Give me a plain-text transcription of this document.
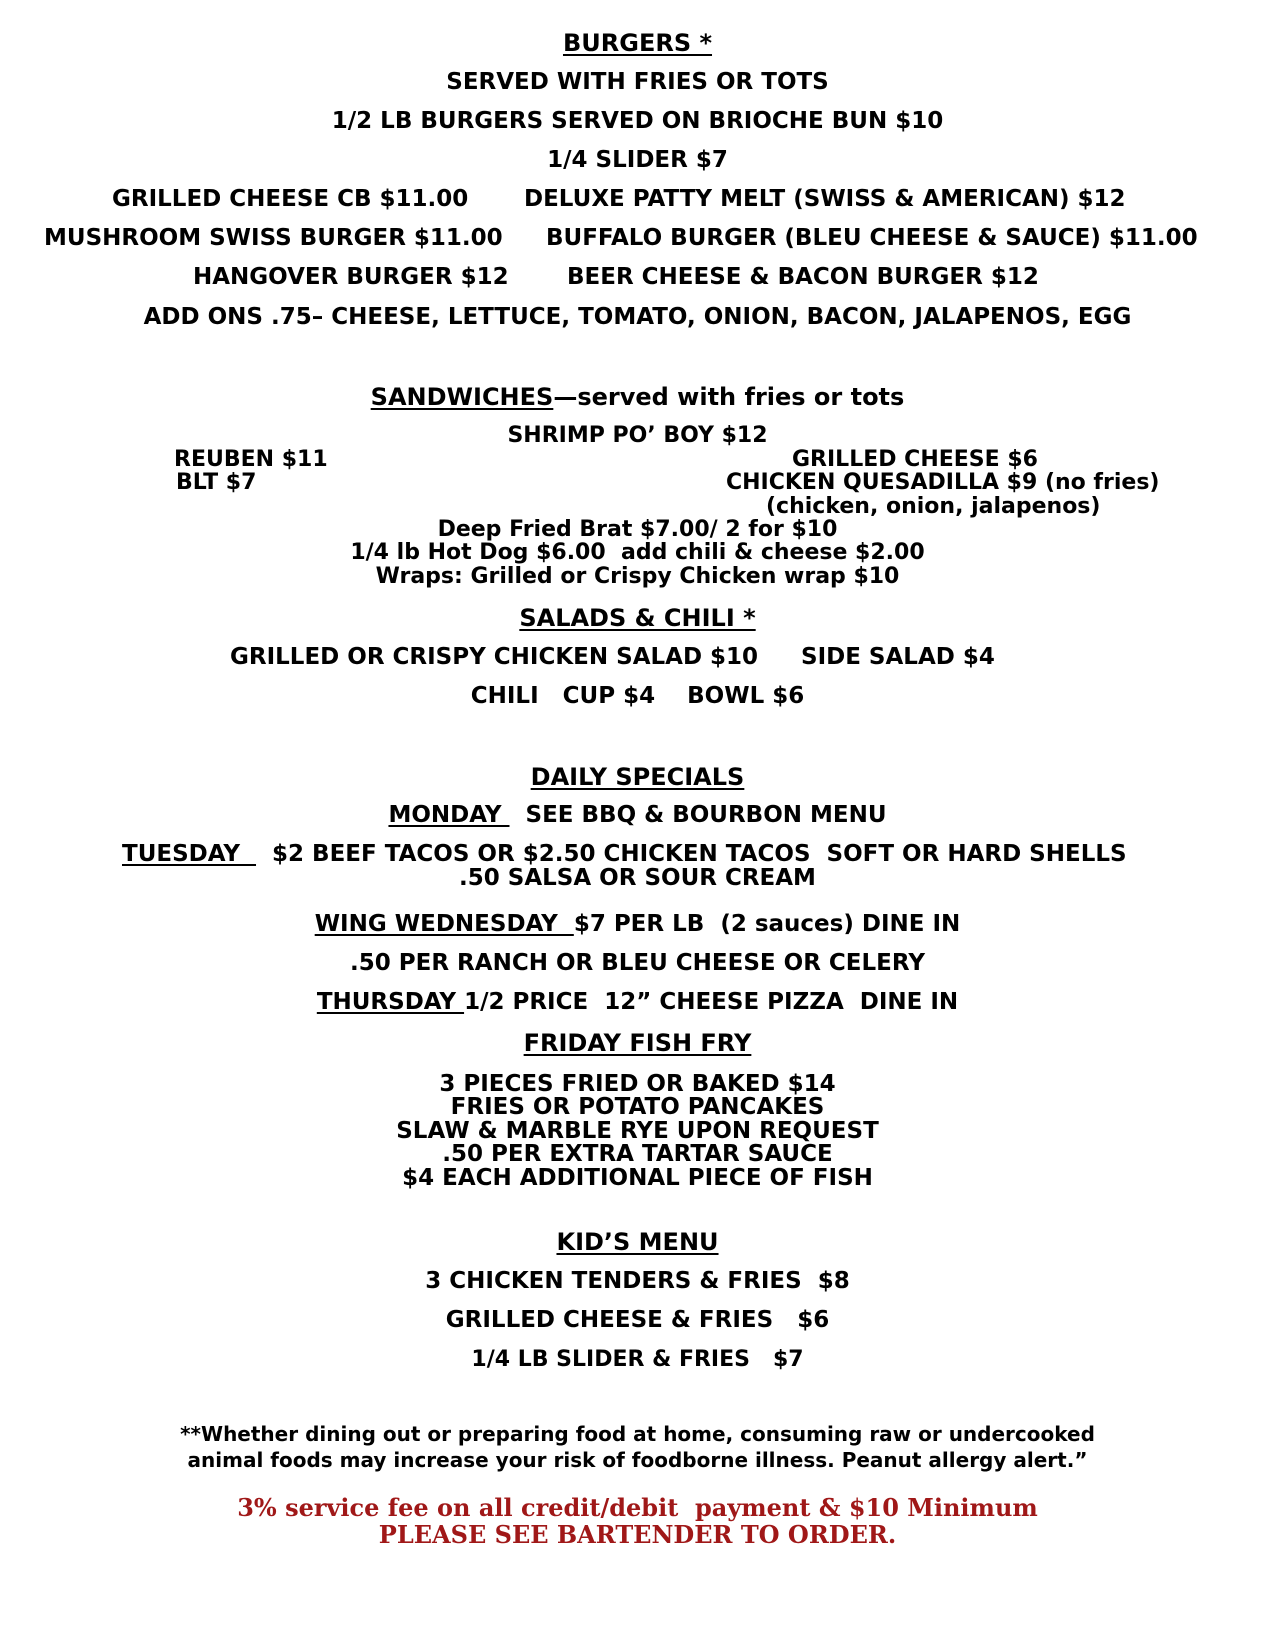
BURGERS *
SERVED WITH FRIES OR TOTS
1/2 LB BURGERS SERVED ON BRIOCHE BUN $10
1/4 SLIDER $7
GRILLED CHEESE CB $11.00 DELUXE PATTY MELT (SWISS & AMERICAN) $12
MUSHROOM SWISS BURGER $11.00 BUFFALO BURGER (BLEU CHEESE & SAUCE) $11.00
HANGOVER BURGER $12	BEER CHEESE & BACON BURGER $12
ADD ONS .75– CHEESE, LETTUCE, TOMATO, ONION, BACON, JALAPENOS, EGG
SANDWICHES—served with fries or tots
SHRIMP PO’ BOY $12
REUBEN $11	GRILLED CHEESE $6
BLT $7	CHICKEN QUESADILLA $9 (no fries)
(chicken, onion, jalapenos)
Deep Fried Brat $7.00/ 2 for $10
1/4 lb Hot Dog $6.00  add chili & cheese $2.00
Wraps: Grilled or Crispy Chicken wrap $10
SALADS & CHILI *
GRILLED OR CRISPY CHICKEN SALAD $10 SIDE SALAD $4
CHILI   CUP $4    BOWL $6
DAILY SPECIALS
MONDAY   SEE BBQ & BOURBON MENU
TUESDAY    $2 BEEF TACOS OR $2.50 CHICKEN TACOS  SOFT OR HARD SHELLS
.50 SALSA OR SOUR CREAM
WING WEDNESDAY  $7 PER LB  (2 sauces) DINE IN
.50 PER RANCH OR BLEU CHEESE OR CELERY
THURSDAY 1/2 PRICE  12” CHEESE PIZZA  DINE IN
FRIDAY FISH FRY
3 PIECES FRIED OR BAKED $14
FRIES OR POTATO PANCAKES
SLAW & MARBLE RYE UPON REQUEST
.50 PER EXTRA TARTAR SAUCE
$4 EACH ADDITIONAL PIECE OF FISH
KID’S MENU
3 CHICKEN TENDERS & FRIES  $8
GRILLED CHEESE & FRIES   $6
1/4 LB SLIDER & FRIES   $7
**Whether dining out or preparing food at home, consuming raw or undercooked
animal foods may increase your risk of foodborne illness. Peanut allergy alert.”
3% service fee on all credit/debit  payment & $10 Minimum
PLEASE SEE BARTENDER TO ORDER.
